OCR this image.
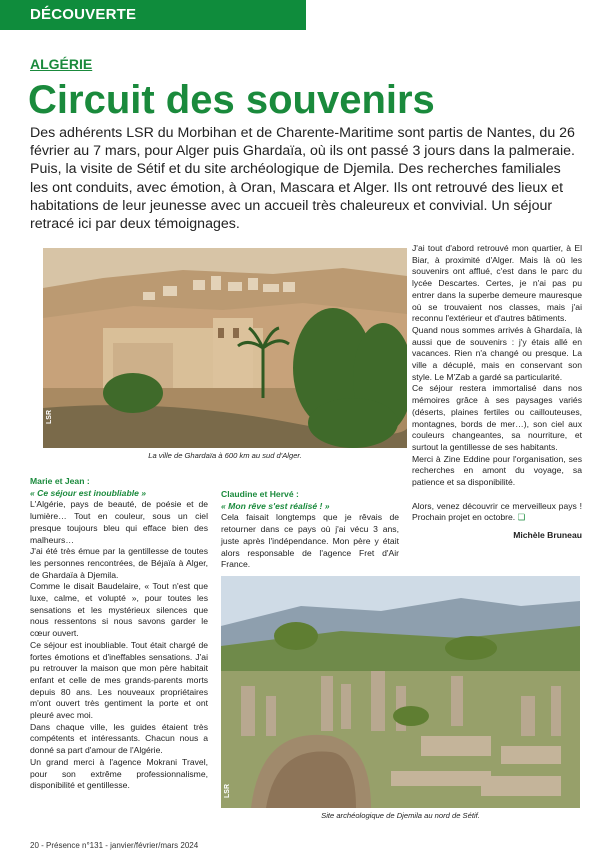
DÉCOUVERTE
ALGÉRIE
Circuit des souvenirs

Des adhérents LSR du Morbihan et de Charente-Maritime sont partis de Nantes, du 26 février au 7 mars, pour Alger puis Ghardaïa, où ils ont passé 3 jours dans la palmeraie. Puis, la visite de Sétif et du site archéologique de Djemila. Des recherches familiales les ont conduits, avec émotion, à Oran, Mascara et Alger. Ils ont retrouvé des lieux et habitations de leur jeunesse avec un accueil très chaleureux et convivial. Un séjour retracé ici par deux témoignages.

LSR
La ville de Ghardaïa à 600 km au sud d'Alger.
LSR
Site archéologique de Djemila au nord de Sétif.

Marie et Jean :

« Ce séjour est inoubliable »

L'Algérie, pays de beauté, de poésie et de lumière… Tout en couleur, sous un ciel presque toujours bleu qui efface bien des malheurs…

J'ai été très émue par la gentillesse de toutes les personnes rencontrées, de Béjaïa à Alger, de Ghardaïa à Djemila.

Comme le disait Baudelaire, « Tout n'est que luxe, calme, et volupté », pour toutes les sensations et les mystérieux silences que nous ressentons si nous savons garder le cœur ouvert.

Ce séjour est inoubliable. Tout était chargé de fortes émotions et d'ineffables sensations. J'ai pu retrouver la maison que mon père habitait enfant et celle de mes grands-parents morts depuis 80 ans. Les nouveaux propriétaires m'ont ouvert très gentiment la porte et ont pleuré avec moi.

Dans chaque ville, les guides étaient très compétents et intéressants. Chacun nous a donné sa part d'amour de l'Algérie.

Un grand merci à l'agence Mokrani Travel, pour son extrême professionnalisme, disponibilité et gentillesse.

Claudine et Hervé :

« Mon rêve s'est réalisé ! »

Cela faisait longtemps que je rêvais de retourner dans ce pays où j'ai vécu 3 ans, juste après l'indépendance. Mon père y était alors responsable de l'agence Fret d'Air France.

J'ai tout d'abord retrouvé mon quartier, à El Biar, à proximité d'Alger. Mais là où les souvenirs ont afflué, c'est dans le parc du lycée Descartes. Certes, je n'ai pas pu entrer dans la superbe demeure mauresque où se trouvaient nos classes, mais j'ai reconnu l'extérieur et d'autres bâtiments.

Quand nous sommes arrivés à Ghardaïa, là aussi que de souvenirs : j'y étais allé en vacances. Rien n'a changé ou presque. La ville a décuplé, mais en conservant son style. Le M'Zab a gardé sa particularité.

Ce séjour restera immortalisé dans nos mémoires grâce à ses paysages variés (déserts, plaines fertiles ou caillouteuses, montagnes, bords de mer…), son ciel aux couleurs changeantes, sa nourriture, et surtout la gentillesse de ses habitants.

Merci à Zine Eddine pour l'organisation, ses recherches en amont du voyage, sa patience et sa disponibilité.

Alors, venez découvrir ce merveilleux pays ! Prochain projet en octobre. ❏

Michèle Bruneau

20 - Présence n°131 - janvier/février/mars 2024
